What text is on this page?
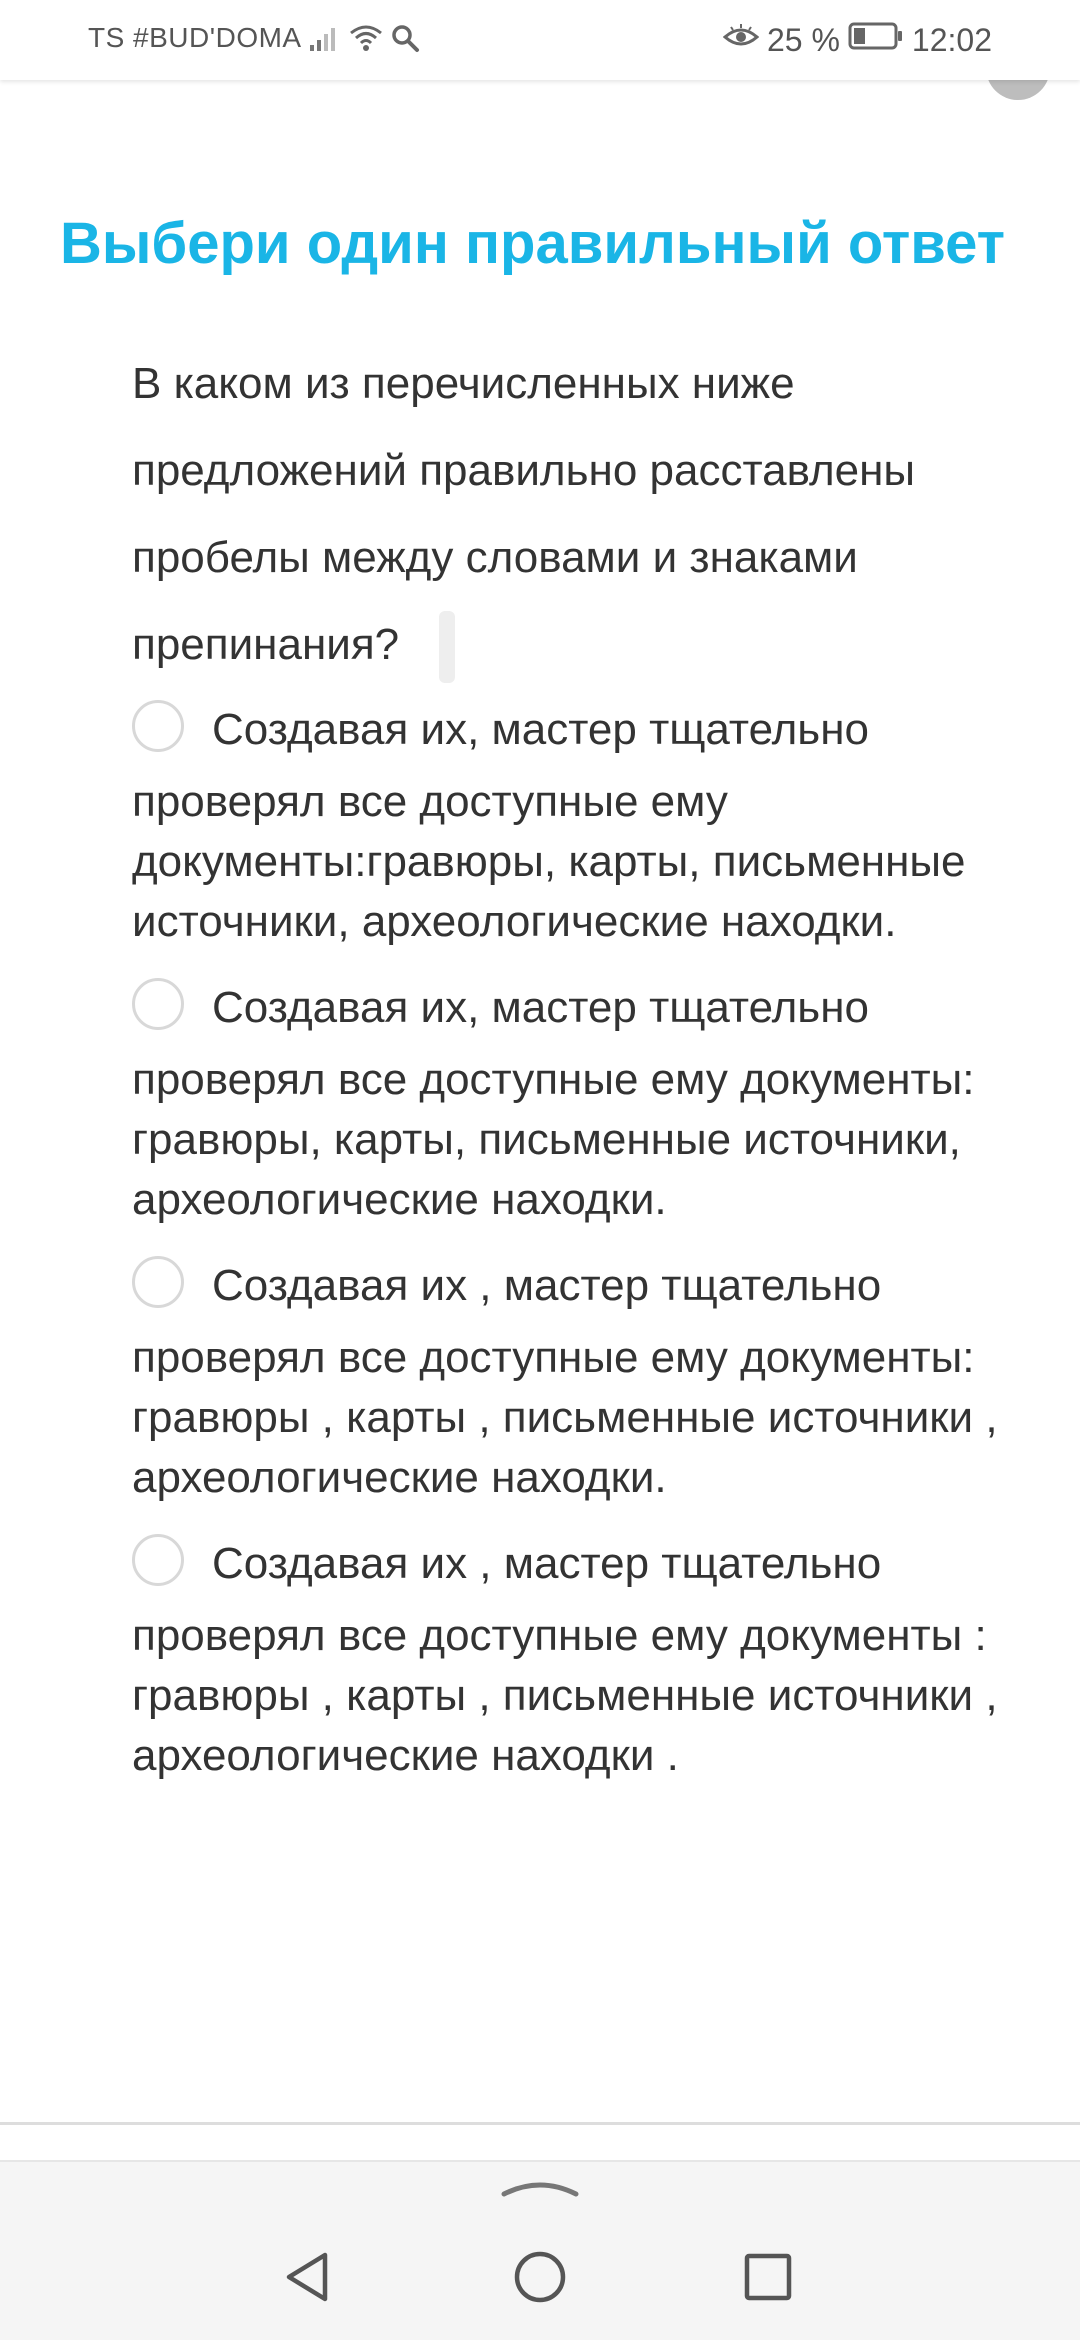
TS #BUD'DOMA	25 % 12:02
Выбери один правильный ответ
В каком из перечисленных ниже предложений правильно расставлены пробелы между словами и знаками препинания?
Создавая их, мастер тщательно
проверял все доступные ему документы:гравюры, карты, письменные источники, археологические находки.
Создавая их, мастер тщательно
проверял все доступные ему документы: гравюры, карты, письменные источники, археологические находки.
Создавая их , мастер тщательно
проверял все доступные ему документы: гравюры , карты , письменные источники , археологические находки.
Создавая их , мастер тщательно
проверял все доступные ему документы : гравюры , карты , письменные источники , археологические находки .
